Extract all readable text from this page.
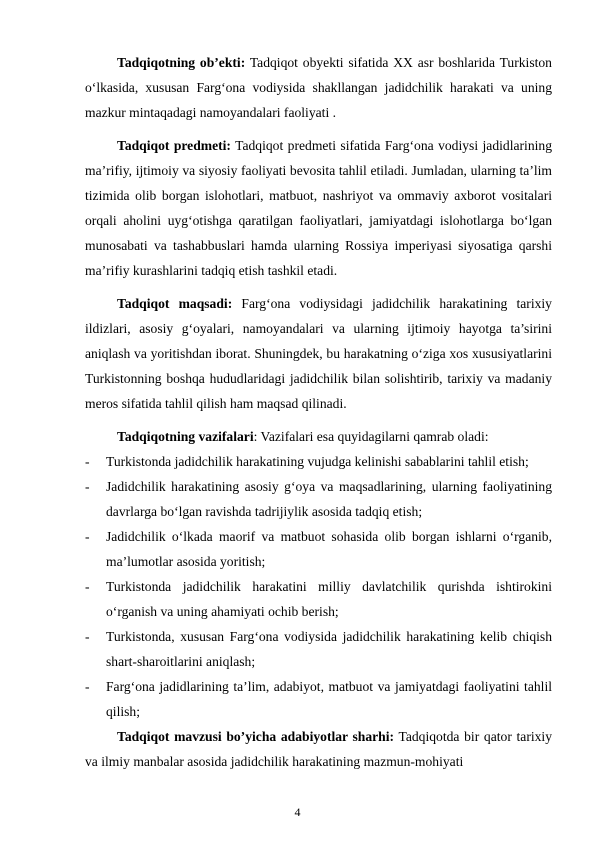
Tadqiqotning ob’ekti: Tadqiqot obyekti sifatida XX asr boshlarida Turkiston o‘lkasida, xususan Farg‘ona vodiysida shakllangan jadidchilik harakati va uning mazkur mintaqadagi namoyandalari faoliyati .

Tadqiqot predmeti: Tadqiqot predmeti sifatida Farg‘ona vodiysi jadidlarining ma’rifiy, ijtimoiy va siyosiy faoliyati bevosita tahlil etiladi. Jumladan, ularning ta’lim tizimida olib borgan islohotlari, matbuot, nashriyot va ommaviy axborot vositalari orqali aholini uyg‘otishga qaratilgan faoliyatlari, jamiyatdagi islohotlarga bo‘lgan munosabati va tashabbuslari hamda ularning Rossiya imperiyasi siyosatiga qarshi ma’rifiy kurashlarini tadqiq etish tashkil etadi.

Tadqiqot maqsadi: Farg‘ona vodiysidagi jadidchilik harakatining tarixiy ildizlari, asosiy g‘oyalari, namoyandalari va ularning ijtimoiy hayotga ta’sirini aniqlash va yoritishdan iborat. Shuningdek, bu harakatning o‘ziga xos xususiyatlarini Turkistonning boshqa hududlaridagi jadidchilik bilan solishtirib, tarixiy va madaniy meros sifatida tahlil qilish ham maqsad qilinadi.

Tadqiqotning vazifalari: Vazifalari esa quyidagilarni qamrab oladi:

-	Turkistonda jadidchilik harakatining vujudga kelinishi sabablarini tahlil etish;
-	Jadidchilik harakatining asosiy g‘oya va maqsadlarining, ularning faoliyatining davrlarga bo‘lgan ravishda tadrijiylik asosida tadqiq etish;
-	Jadidchilik o‘lkada maorif va matbuot sohasida olib borgan ishlarni o‘rganib, ma’lumotlar asosida yoritish;
-	Turkistonda jadidchilik harakatini milliy davlatchilik qurishda ishtirokini o‘rganish va uning ahamiyati ochib berish;
-	Turkistonda, xususan Farg‘ona vodiysida jadidchilik harakatining kelib chiqish shart-sharoitlarini aniqlash;
-	Farg‘ona jadidlarining ta’lim, adabiyot, matbuot va jamiyatdagi faoliyatini tahlil qilish;

Tadqiqot mavzusi bo’yicha adabiyotlar sharhi: Tadqiqotda bir qator tarixiy va ilmiy manbalar asosida jadidchilik harakatining mazmun-mohiyati

4
